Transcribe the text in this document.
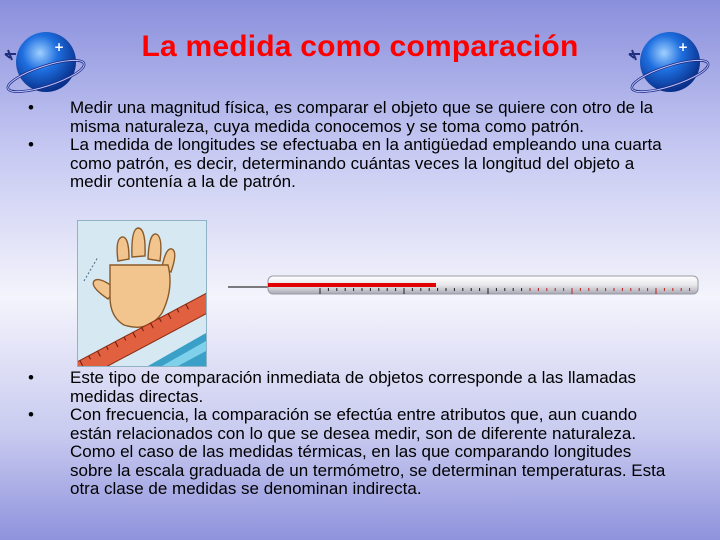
La medida como comparación
+	+
• Medir una magnitud física, es comparar el objeto que se quiere con otro de la misma naturaleza, cuya medida conocemos y se toma como patrón.
• La medida de longitudes se efectuaba en la antigüedad empleando una cuarta como patrón, es decir, determinando cuántas veces la longitud del objeto a medir contenía a la de patrón.
• Este tipo de comparación inmediata de objetos corresponde a las llamadas medidas directas.
• Con frecuencia, la comparación se efectúa entre atributos que, aun cuando están relacionados con lo que se desea medir, son de diferente naturaleza. Como el caso de las medidas térmicas, en las que comparando longitudes sobre la escala graduada de un termómetro, se determinan temperaturas. Esta otra clase de medidas se denominan indirecta.
